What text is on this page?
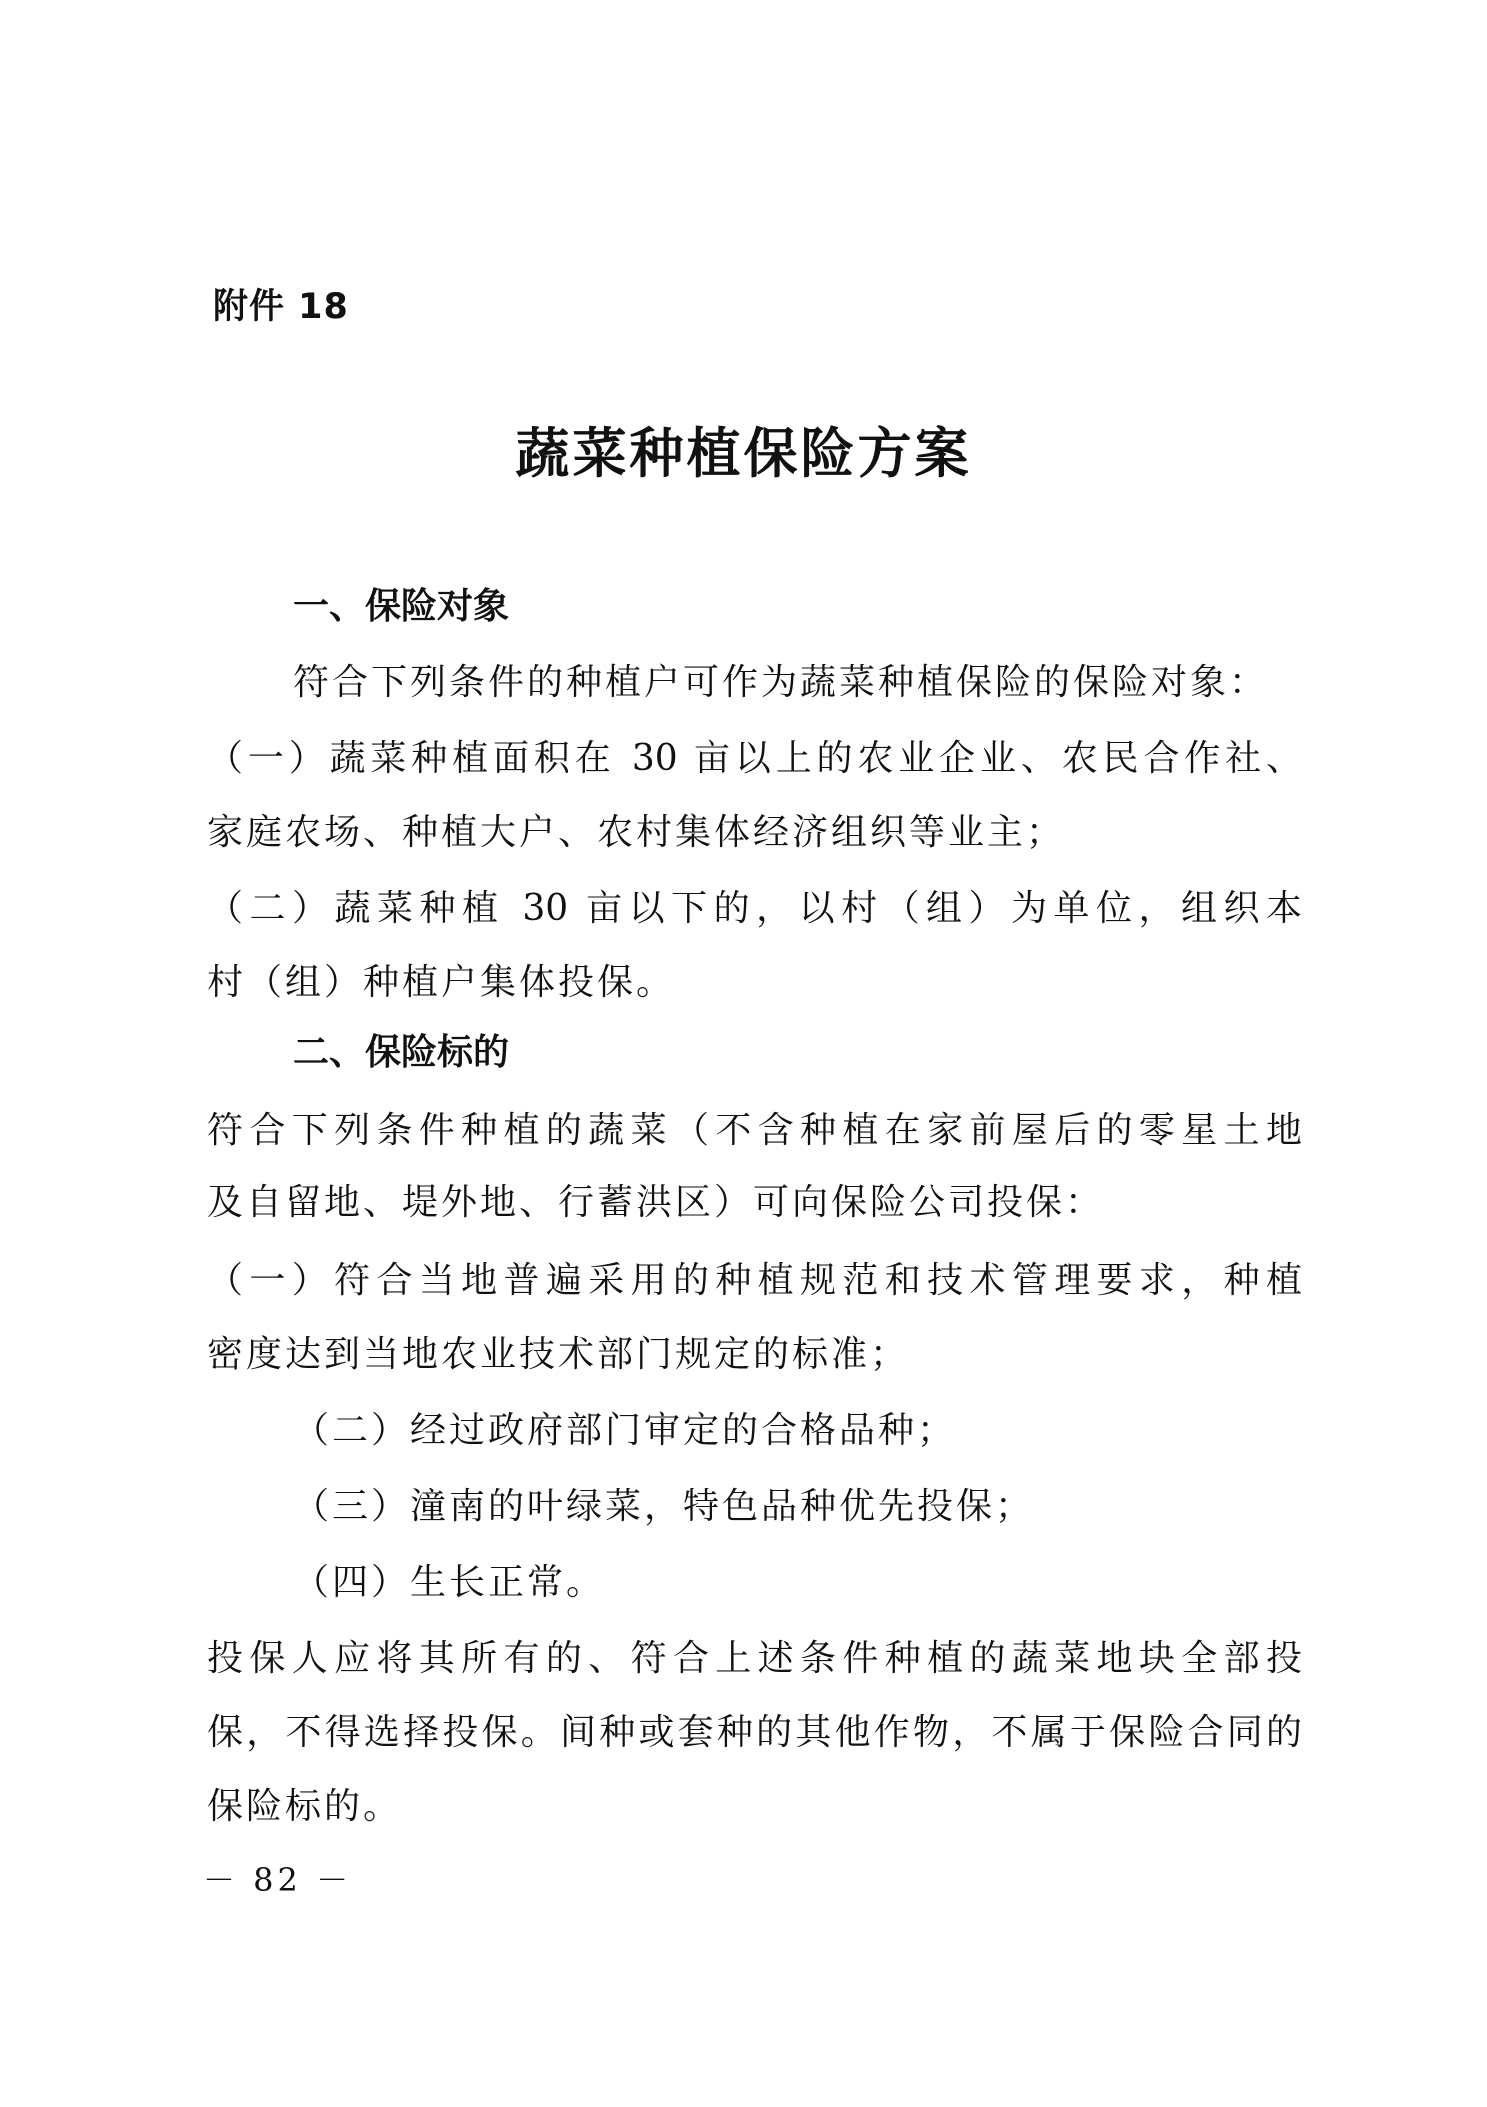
附件 18
蔬菜种植保险方案
一、保险对象
符合下列条件的种植户可作为蔬菜种植保险的保险对象：
（一）蔬菜种植面积在 30 亩以上的农业企业、农民合作社、
家庭农场、种植大户、农村集体经济组织等业主；
（二）蔬菜种植 30 亩以下的，以村（组）为单位，组织本
村（组）种植户集体投保。
二、保险标的
符合下列条件种植的蔬菜（不含种植在家前屋后的零星土地
及自留地、堤外地、行蓄洪区）可向保险公司投保：
（一）符合当地普遍采用的种植规范和技术管理要求，种植
密度达到当地农业技术部门规定的标准；
（二）经过政府部门审定的合格品种；
（三）潼南的叶绿菜，特色品种优先投保；
（四）生长正常。
投保人应将其所有的、符合上述条件种植的蔬菜地块全部投
保，不得选择投保。间种或套种的其他作物，不属于保险合同的
保险标的。
－ 82 －
